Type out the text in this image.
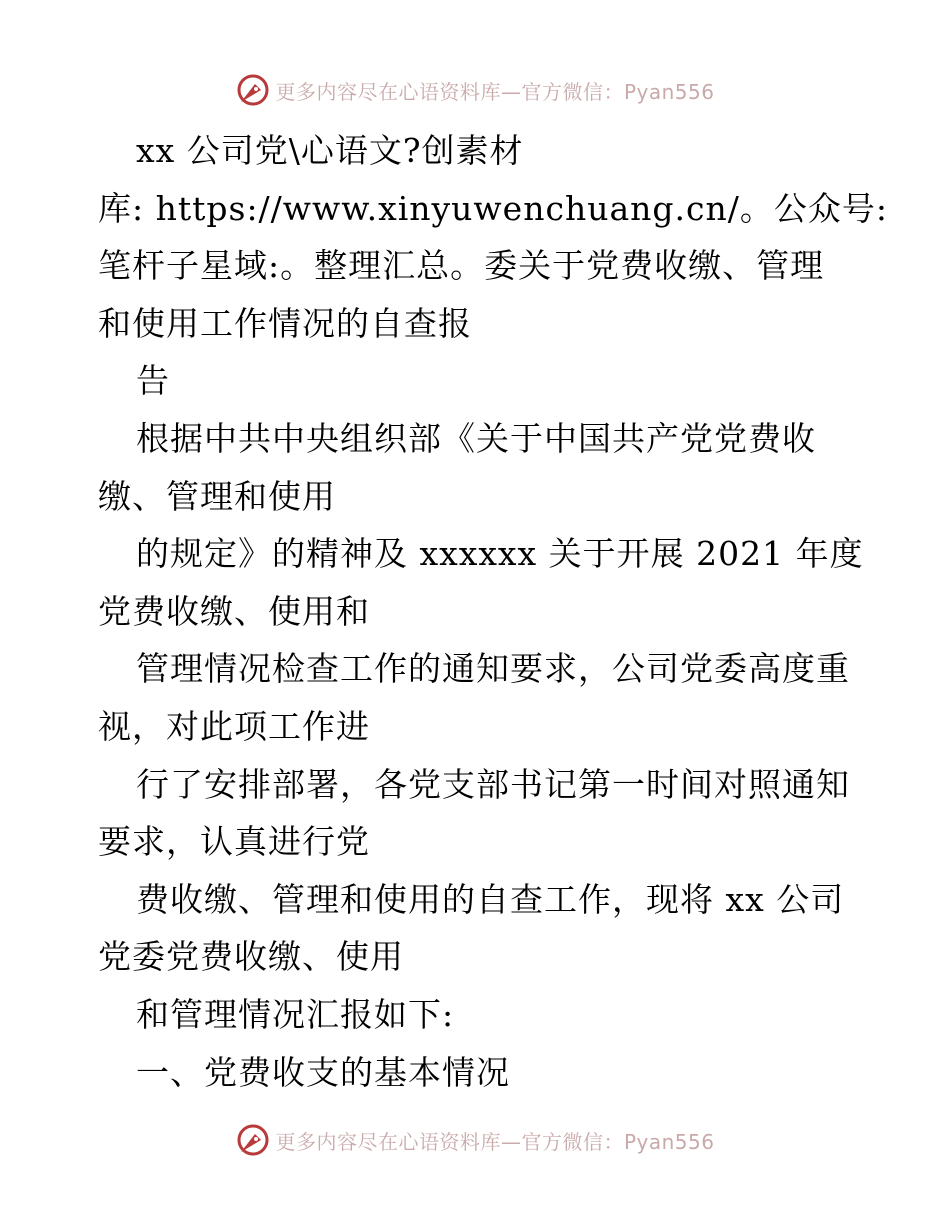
更多内容尽在心语资料库—官方微信：Pyan556
xx 公司党\心语文?创素材
库: https://www.xinyuwenchuang.cn/。公众号:
笔杆子星域:。整理汇总。委关于党费收缴、管理
和使用工作情况的自查报
告
根据中共中央组织部《关于中国共产党党费收
缴、管理和使用
的规定》的精神及 xxxxxx 关于开展 2021 年度
党费收缴、使用和
管理情况检查工作的通知要求，公司党委高度重
视，对此项工作进
行了安排部署，各党支部书记第一时间对照通知
要求，认真进行党
费收缴、管理和使用的自查工作，现将 xx 公司
党委党费收缴、使用
和管理情况汇报如下:
一、党费收支的基本情况
更多内容尽在心语资料库—官方微信：Pyan556
